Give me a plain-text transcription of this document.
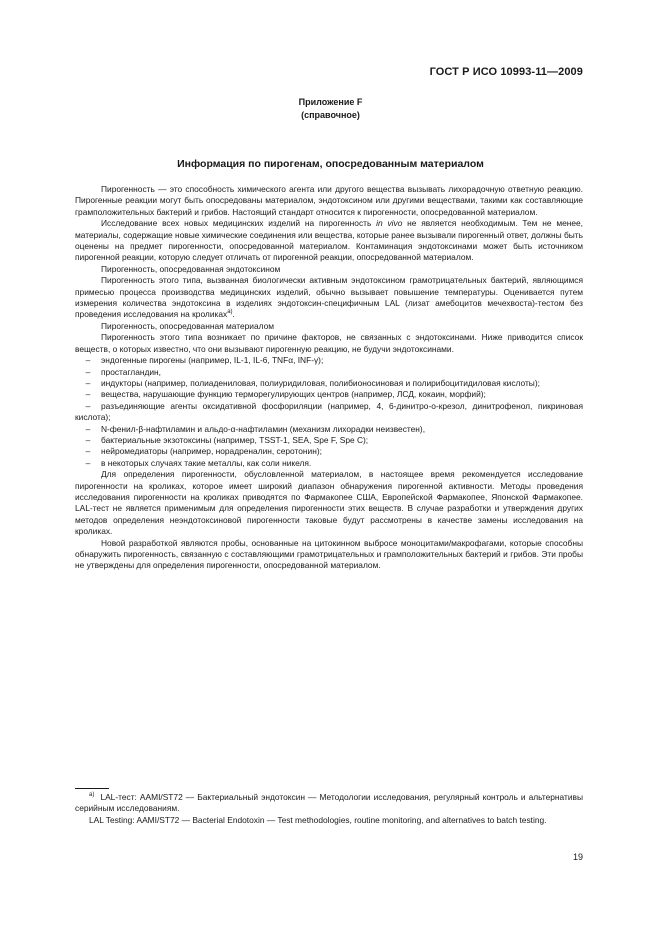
ГОСТ Р ИСО 10993-11—2009
Приложение F
(справочное)
Информация по пирогенам, опосредованным материалом

Пирогенность — это способность химического агента или другого вещества вызывать лихорадочную ответную реакцию. Пирогенные реакции могут быть опосредованы материалом, эндотоксином или другими веществами, такими как составляющие грамположительных бактерий и грибов. Настоящий стандарт относится к пирогенности, опосредованной материалом.

Исследование всех новых медицинских изделий на пирогенность in vivo не является необходимым. Тем не менее, материалы, содержащие новые химические соединения или вещества, которые ранее вызывали пирогенный ответ, должны быть оценены на предмет пирогенности, опосредованной материалом. Контаминация эндотоксинами может быть источником пирогенной реакции, которую следует отличать от пирогенной реакции, опосредованной материалом.

Пирогенность, опосредованная эндотоксином

Пирогенность этого типа, вызванная биологически активным эндотоксином грамотрицательных бактерий, являющимся примесью процесса производства медицинских изделий, обычно вызывает повышение температуры. Оценивается путем измерения количества эндотоксина в изделиях эндотоксин-специфичным LAL (лизат амебоцитов мечехвоста)-тестом без проведения исследования на кроликах$^{а)}$.

Пирогенность, опосредованная материалом

Пирогенность этого типа возникает по причине факторов, не связанных с эндотоксинами. Ниже приводится список веществ, о которых известно, что они вызывают пирогенную реакцию, не будучи эндотоксинами.

– эндогенные пирогены (например, IL-1, IL-6, TNFα, INF-γ);

– простагландин,

– индукторы (например, полиадениловая, полиуридиловая, полибионосиновая и полирибоцитидиловая кислоты);

– вещества, нарушающие функцию терморегулирующих центров (например, ЛСД, кокаин, морфий);

– разъединяющие агенты оксидативной фосфориляции (например, 4, 6-динитро-о-крезол, динитрофенол, пикриновая кислота);

– N-фенил-β-нафтиламин и альдо-α-нафтиламин (механизм лихорадки неизвестен),

– бактериальные экзотоксины (например, TSST-1, SEA, Spe F, Spe C);

– нейромедиаторы (например, норадреналин, серотонин);

– в некоторых случаях такие металлы, как соли никеля.

Для определения пирогенности, обусловленной материалом, в настоящее время рекомендуется исследование пирогенности на кроликах, которое имеет широкий диапазон обнаружения пирогенной активности. Методы проведения исследования пирогенности на кроликах приводятся по Фармакопее США, Европейской Фармакопее, Японской Фармакопее. LAL-тест не является применимым для определения пирогенности этих веществ. В случае разработки и утверждения других методов определения неэндотоксиновой пирогенности таковые будут рассмотрены в качестве замены исследования на кроликах.

Новой разработкой являются пробы, основанные на цитокинном выбросе моноцитами/макрофагами, которые способны обнаружить пирогенность, связанную с составляющими грамотрицательных и грамположительных бактерий и грибов. Эти пробы не утверждены для определения пирогенности, опосредованной материалом.

$^{а)}$ LAL-тест: AAMI/ST72 — Бактериальный эндотоксин — Методологии исследования, регулярный контроль и альтернативы серийным исследованиям.

LAL Testing: AAMI/ST72 — Bacterial Endotoxin — Test methodologies, routine monitoring, and alternatives to batch testing.

19
